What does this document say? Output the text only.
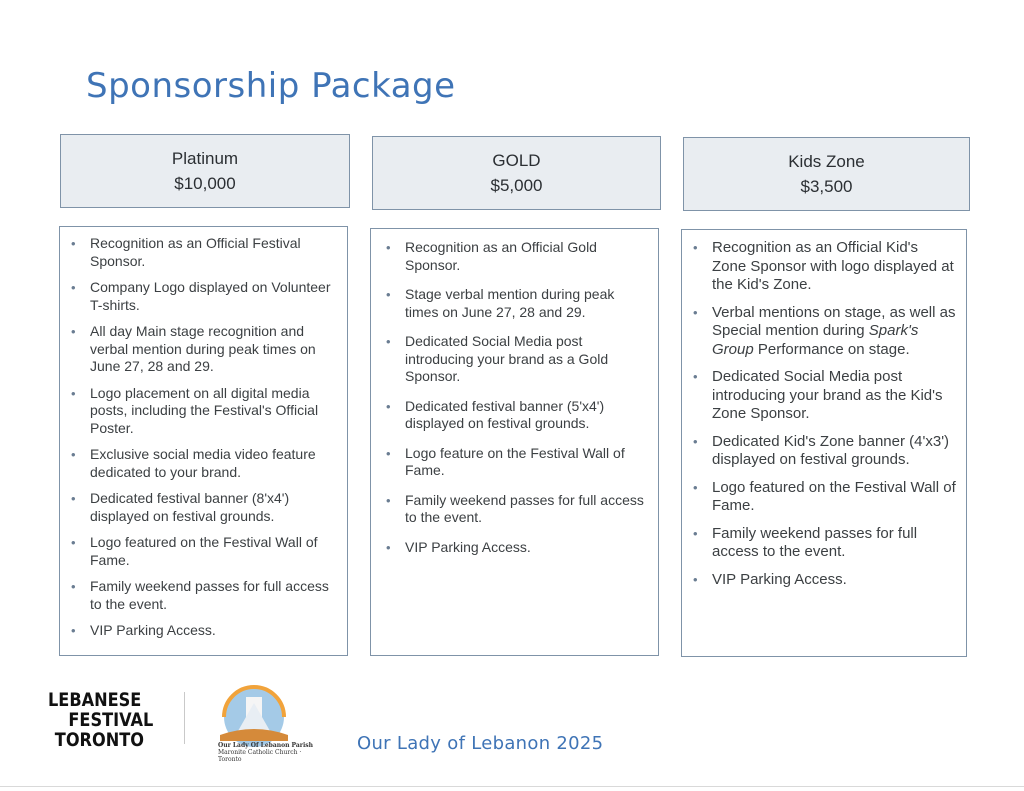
Sponsorship Package
Platinum
$10,000
GOLD
$5,000
Kids Zone
$3,500
• Recognition as an Official Festival Sponsor.
• Company Logo displayed on Volunteer T-shirts.
• All day Main stage recognition and verbal mention during peak times on June 27, 28 and 29.
• Logo placement on all digital media posts, including the Festival's Official Poster.
• Exclusive social media video feature dedicated to your brand.
• Dedicated festival banner (8'x4') displayed on festival grounds.
• Logo featured on the Festival Wall of Fame.
• Family weekend passes for full access to the event.
• VIP Parking Access.
• Recognition as an Official Gold Sponsor.
• Stage verbal mention during peak times on June 27, 28 and 29.
• Dedicated Social Media post introducing your brand as a Gold Sponsor.
• Dedicated festival banner (5'x4') displayed on festival grounds.
• Logo feature on the Festival Wall of Fame.
• Family weekend passes for full access to the event.
• VIP Parking Access.
• Recognition as an Official Kid's Zone Sponsor with logo displayed at the Kid's Zone.
• Verbal mentions on stage, as well as Special mention during Spark's Group Performance on stage.
• Dedicated Social Media post introducing your brand as the Kid's Zone Sponsor.
• Dedicated Kid's Zone banner (4'x3') displayed on festival grounds.
• Logo featured on the Festival Wall of Fame.
• Family weekend passes for full access to the event.
• VIP Parking Access.
LEBANESE
FESTIVAL
TORONTO	Our Lady Of Lebanon Parish
Maronite Catholic Church · Toronto
Our Lady of Lebanon 2025
